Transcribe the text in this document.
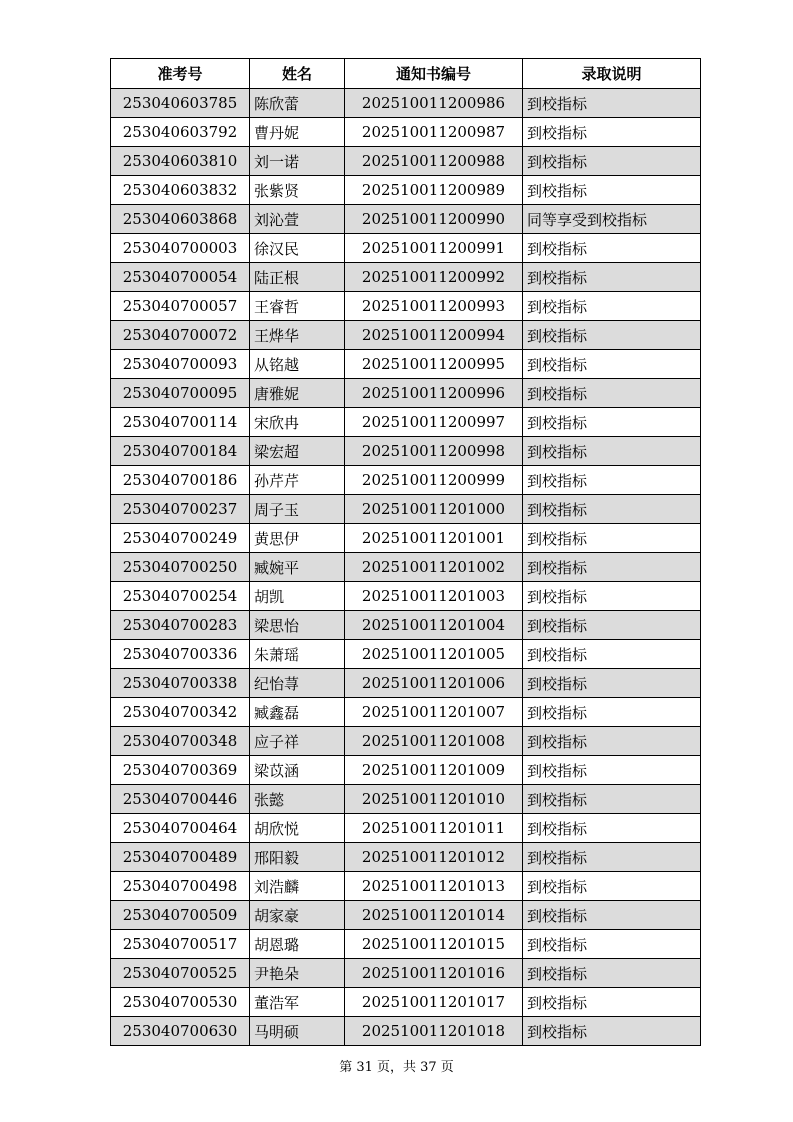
准考号	姓名	通知书编号	录取说明
253040603785	陈欣蕾	202510011200986	到校指标
253040603792	曹丹妮	202510011200987	到校指标
253040603810	刘一诺	202510011200988	到校指标
253040603832	张紫贤	202510011200989	到校指标
253040603868	刘沁萱	202510011200990	同等享受到校指标
253040700003	徐汉民	202510011200991	到校指标
253040700054	陆正根	202510011200992	到校指标
253040700057	王睿哲	202510011200993	到校指标
253040700072	王烨华	202510011200994	到校指标
253040700093	从铭越	202510011200995	到校指标
253040700095	唐雅妮	202510011200996	到校指标
253040700114	宋欣冉	202510011200997	到校指标
253040700184	梁宏超	202510011200998	到校指标
253040700186	孙芹芹	202510011200999	到校指标
253040700237	周子玉	202510011201000	到校指标
253040700249	黄思伊	202510011201001	到校指标
253040700250	臧婉平	202510011201002	到校指标
253040700254	胡凯	202510011201003	到校指标
253040700283	梁思怡	202510011201004	到校指标
253040700336	朱萧瑶	202510011201005	到校指标
253040700338	纪怡荨	202510011201006	到校指标
253040700342	臧鑫磊	202510011201007	到校指标
253040700348	应子祥	202510011201008	到校指标
253040700369	梁苡涵	202510011201009	到校指标
253040700446	张懿	202510011201010	到校指标
253040700464	胡欣悦	202510011201011	到校指标
253040700489	邢阳毅	202510011201012	到校指标
253040700498	刘浩麟	202510011201013	到校指标
253040700509	胡家豪	202510011201014	到校指标
253040700517	胡恩璐	202510011201015	到校指标
253040700525	尹艳朵	202510011201016	到校指标
253040700530	董浩军	202510011201017	到校指标
253040700630	马明硕	202510011201018	到校指标
第 31 页，共 37 页
